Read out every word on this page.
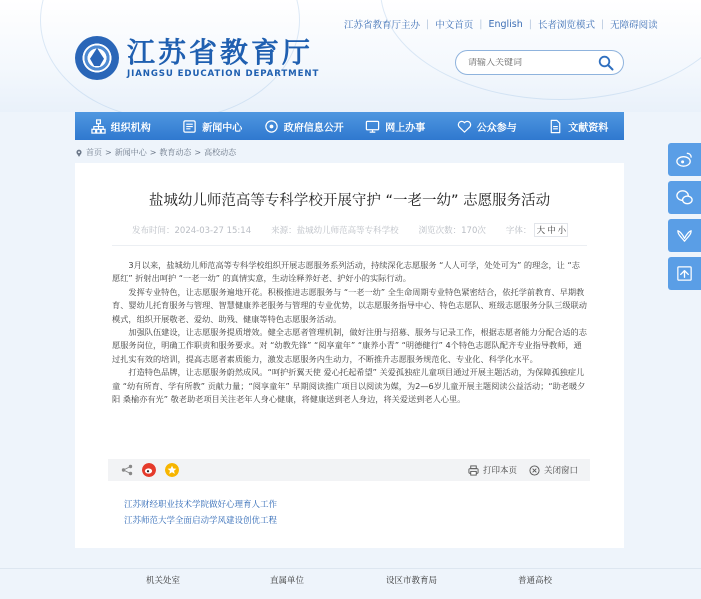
江苏省教育厅主办 | 中文首页 | English | 长者浏览模式 | 无障碍阅读
江苏省教育厅
JIANGSU EDUCATION DEPARTMENT
请输入关键词
组织机构	新闻中心	政府信息公开	网上办事	公众参与	文献资料
首页 > 新闻中心 > 教育动态 > 高校动态
盐城幼儿师范高等专科学校开展守护 “一老一幼” 志愿服务活动
发布时间：2024-03-27 15:14 来源：盐城幼儿师范高等专科学校 浏览次数：170次 字体： 大 中 小

3月以来，盐城幼儿师范高等专科学校组织开展志愿服务系列活动，持续深化志愿服务 “人人可学，处处可为” 的理念，让 “志愿红” 折射出呵护 “一老一幼” 的真情实意，生动诠释养好老、护好小的实际行动。

发挥专业特色，让志愿服务遍地开花。积极推进志愿服务与 “一老一幼” 全生命周期专业特色紧密结合，依托学前教育、早期教育、婴幼儿托育服务与管理、智慧健康养老服务与管理的专业优势，以志愿服务指导中心、特色志愿队、班级志愿服务分队三级联动模式，组织开展敬老、爱幼、助残、健康等特色志愿服务活动。

加强队伍建设，让志愿服务提质增效。健全志愿者管理机制，做好注册与招募、服务与记录工作，根据志愿者能力分配合适的志愿服务岗位，明确工作职责和服务要求。对 “幼教先锋” “阅享童年” “康养小青” “明德健行” 4个特色志愿队配齐专业指导教师，通过扎实有效的培训，提高志愿者素质能力，激发志愿服务内生动力，不断推升志愿服务规范化、专业化、科学化水平。

打造特色品牌，让志愿服务蔚然成风。“呵护折翼天使 爱心托起希望” 关爱孤独症儿童项目通过开展主题活动，为保障孤独症儿童 “幼有所育、学有所教” 贡献力量；“阅享童年” 早期阅读推广项目以阅读为媒，为2—6岁儿童开展主题阅读公益活动；“助老暖夕阳 桑榆亦有光” 敬老助老项目关注老年人身心健康，将健康送到老人身边，将关爱送到老人心里。

打印本页	关闭窗口
江苏财经职业技术学院做好心理育人工作
江苏师范大学全面启动学风建设创优工程
机关处室	直属单位	设区市教育局	普通高校
